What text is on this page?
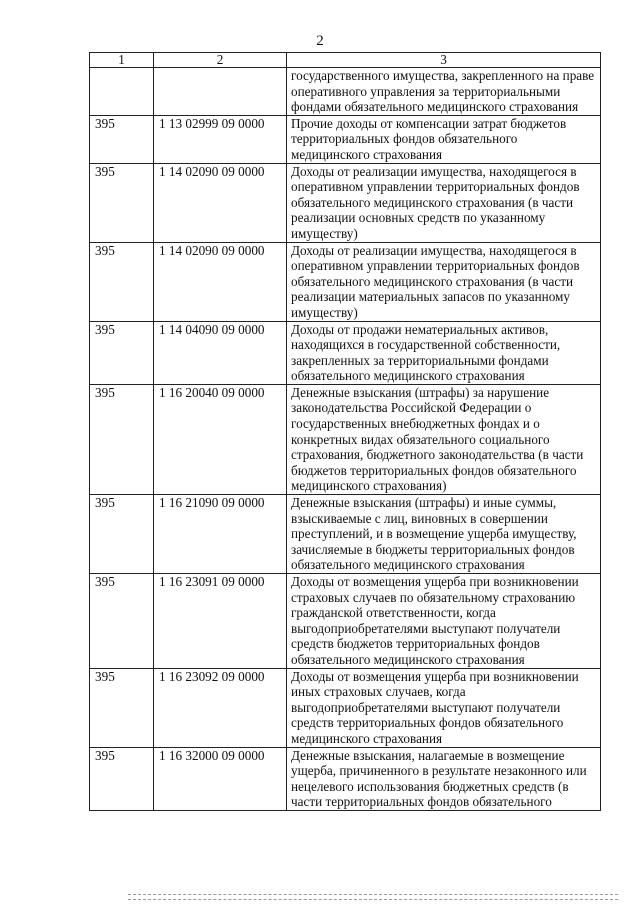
2
1	2	3
		государственного имущества, закрепленного на праве оперативного управления за территориальными фондами обязательного медицинского страхования
395	1 13 02999 09 0000	Прочие доходы от компенсации затрат бюджетов территориальных фондов обязательного медицинского страхования
395	1 14 02090 09 0000	Доходы от реализации имущества, находящегося в оперативном управлении территориальных фондов обязательного медицинского страхования (в части реализации основных средств по указанному имуществу)
395	1 14 02090 09 0000	Доходы от реализации имущества, находящегося в оперативном управлении территориальных фондов обязательного медицинского страхования (в части реализации материальных запасов по указанному имуществу)
395	1 14 04090 09 0000	Доходы от продажи нематериальных активов, находящихся в государственной собственности, закрепленных за территориальными фондами обязательного медицинского страхования
395	1 16 20040 09 0000	Денежные взыскания (штрафы) за нарушение законодательства Российской Федерации о государственных внебюджетных фондах и о конкретных видах обязательного социального страхования, бюджетного законодательства (в части бюджетов территориальных фондов обязательного медицинского страхования)
395	1 16 21090 09 0000	Денежные взыскания (штрафы) и иные суммы, взыскиваемые с лиц, виновных в совершении преступлений, и в возмещение ущерба имуществу, зачисляемые в бюджеты территориальных фондов обязательного медицинского страхования
395	1 16 23091 09 0000	Доходы от возмещения ущерба при возникновении страховых случаев по обязательному страхованию гражданской ответственности, когда выгодоприобретателями выступают получатели средств бюджетов территориальных фондов обязательного медицинского страхования
395	1 16 23092 09 0000	Доходы от возмещения ущерба при возникновении иных страховых случаев, когда выгодоприобретателями выступают получатели средств территориальных фондов обязательного медицинского страхования
395	1 16 32000 09 0000	Денежные взыскания, налагаемые в возмещение ущерба, причиненного в результате незаконного или нецелевого использования бюджетных средств (в части территориальных фондов обязательного
